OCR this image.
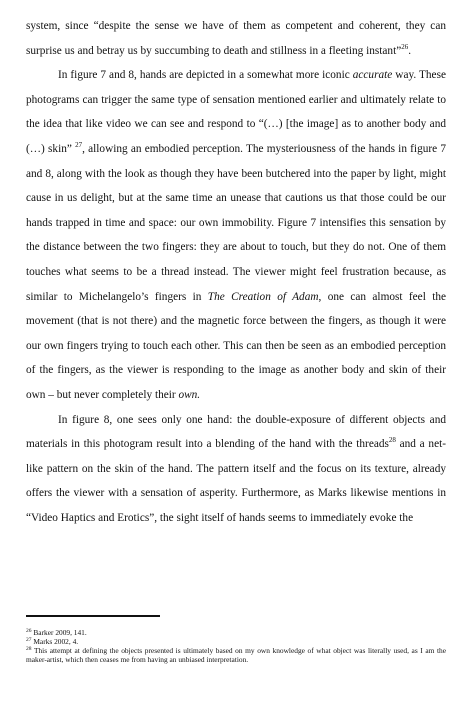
system, since “despite the sense we have of them as competent and coherent, they can surprise us and betray us by succumbing to death and stillness in a fleeting instant”$^{26}$.

In figure 7 and 8, hands are depicted in a somewhat more iconic accurate way. These photograms can trigger the same type of sensation mentioned earlier and ultimately relate to the idea that like video we can see and respond to “(…) [the image] as to another body and (…) skin” $^{27}$, allowing an embodied perception. The mysteriousness of the hands in figure 7 and 8, along with the look as though they have been butchered into the paper by light, might cause in us delight, but at the same time an unease that cautions us that those could be our hands trapped in time and space: our own immobility. Figure 7 intensifies this sensation by the distance between the two fingers: they are about to touch, but they do not. One of them touches what seems to be a thread instead. The viewer might feel frustration because, as similar to Michelangelo’s fingers in The Creation of Adam, one can almost feel the movement (that is not there) and the magnetic force between the fingers, as though it were our own fingers trying to touch each other. This can then be seen as an embodied perception of the fingers, as the viewer is responding to the image as another body and skin of their own – but never completely their own.

In figure 8, one sees only one hand: the double-exposure of different objects and materials in this photogram result into a blending of the hand with the threads$^{28}$ and a net-like pattern on the skin of the hand. The pattern itself and the focus on its texture, already offers the viewer with a sensation of asperity. Furthermore, as Marks likewise mentions in “Video Haptics and Erotics”, the sight itself of hands seems to immediately evoke the

$^{26}$ Barker 2009, 141.

$^{27}$ Marks 2002, 4.

$^{28}$ This attempt at defining the objects presented is ultimately based on my own knowledge of what object was literally used, as I am the maker-artist, which then ceases me from having an unbiased interpretation.
